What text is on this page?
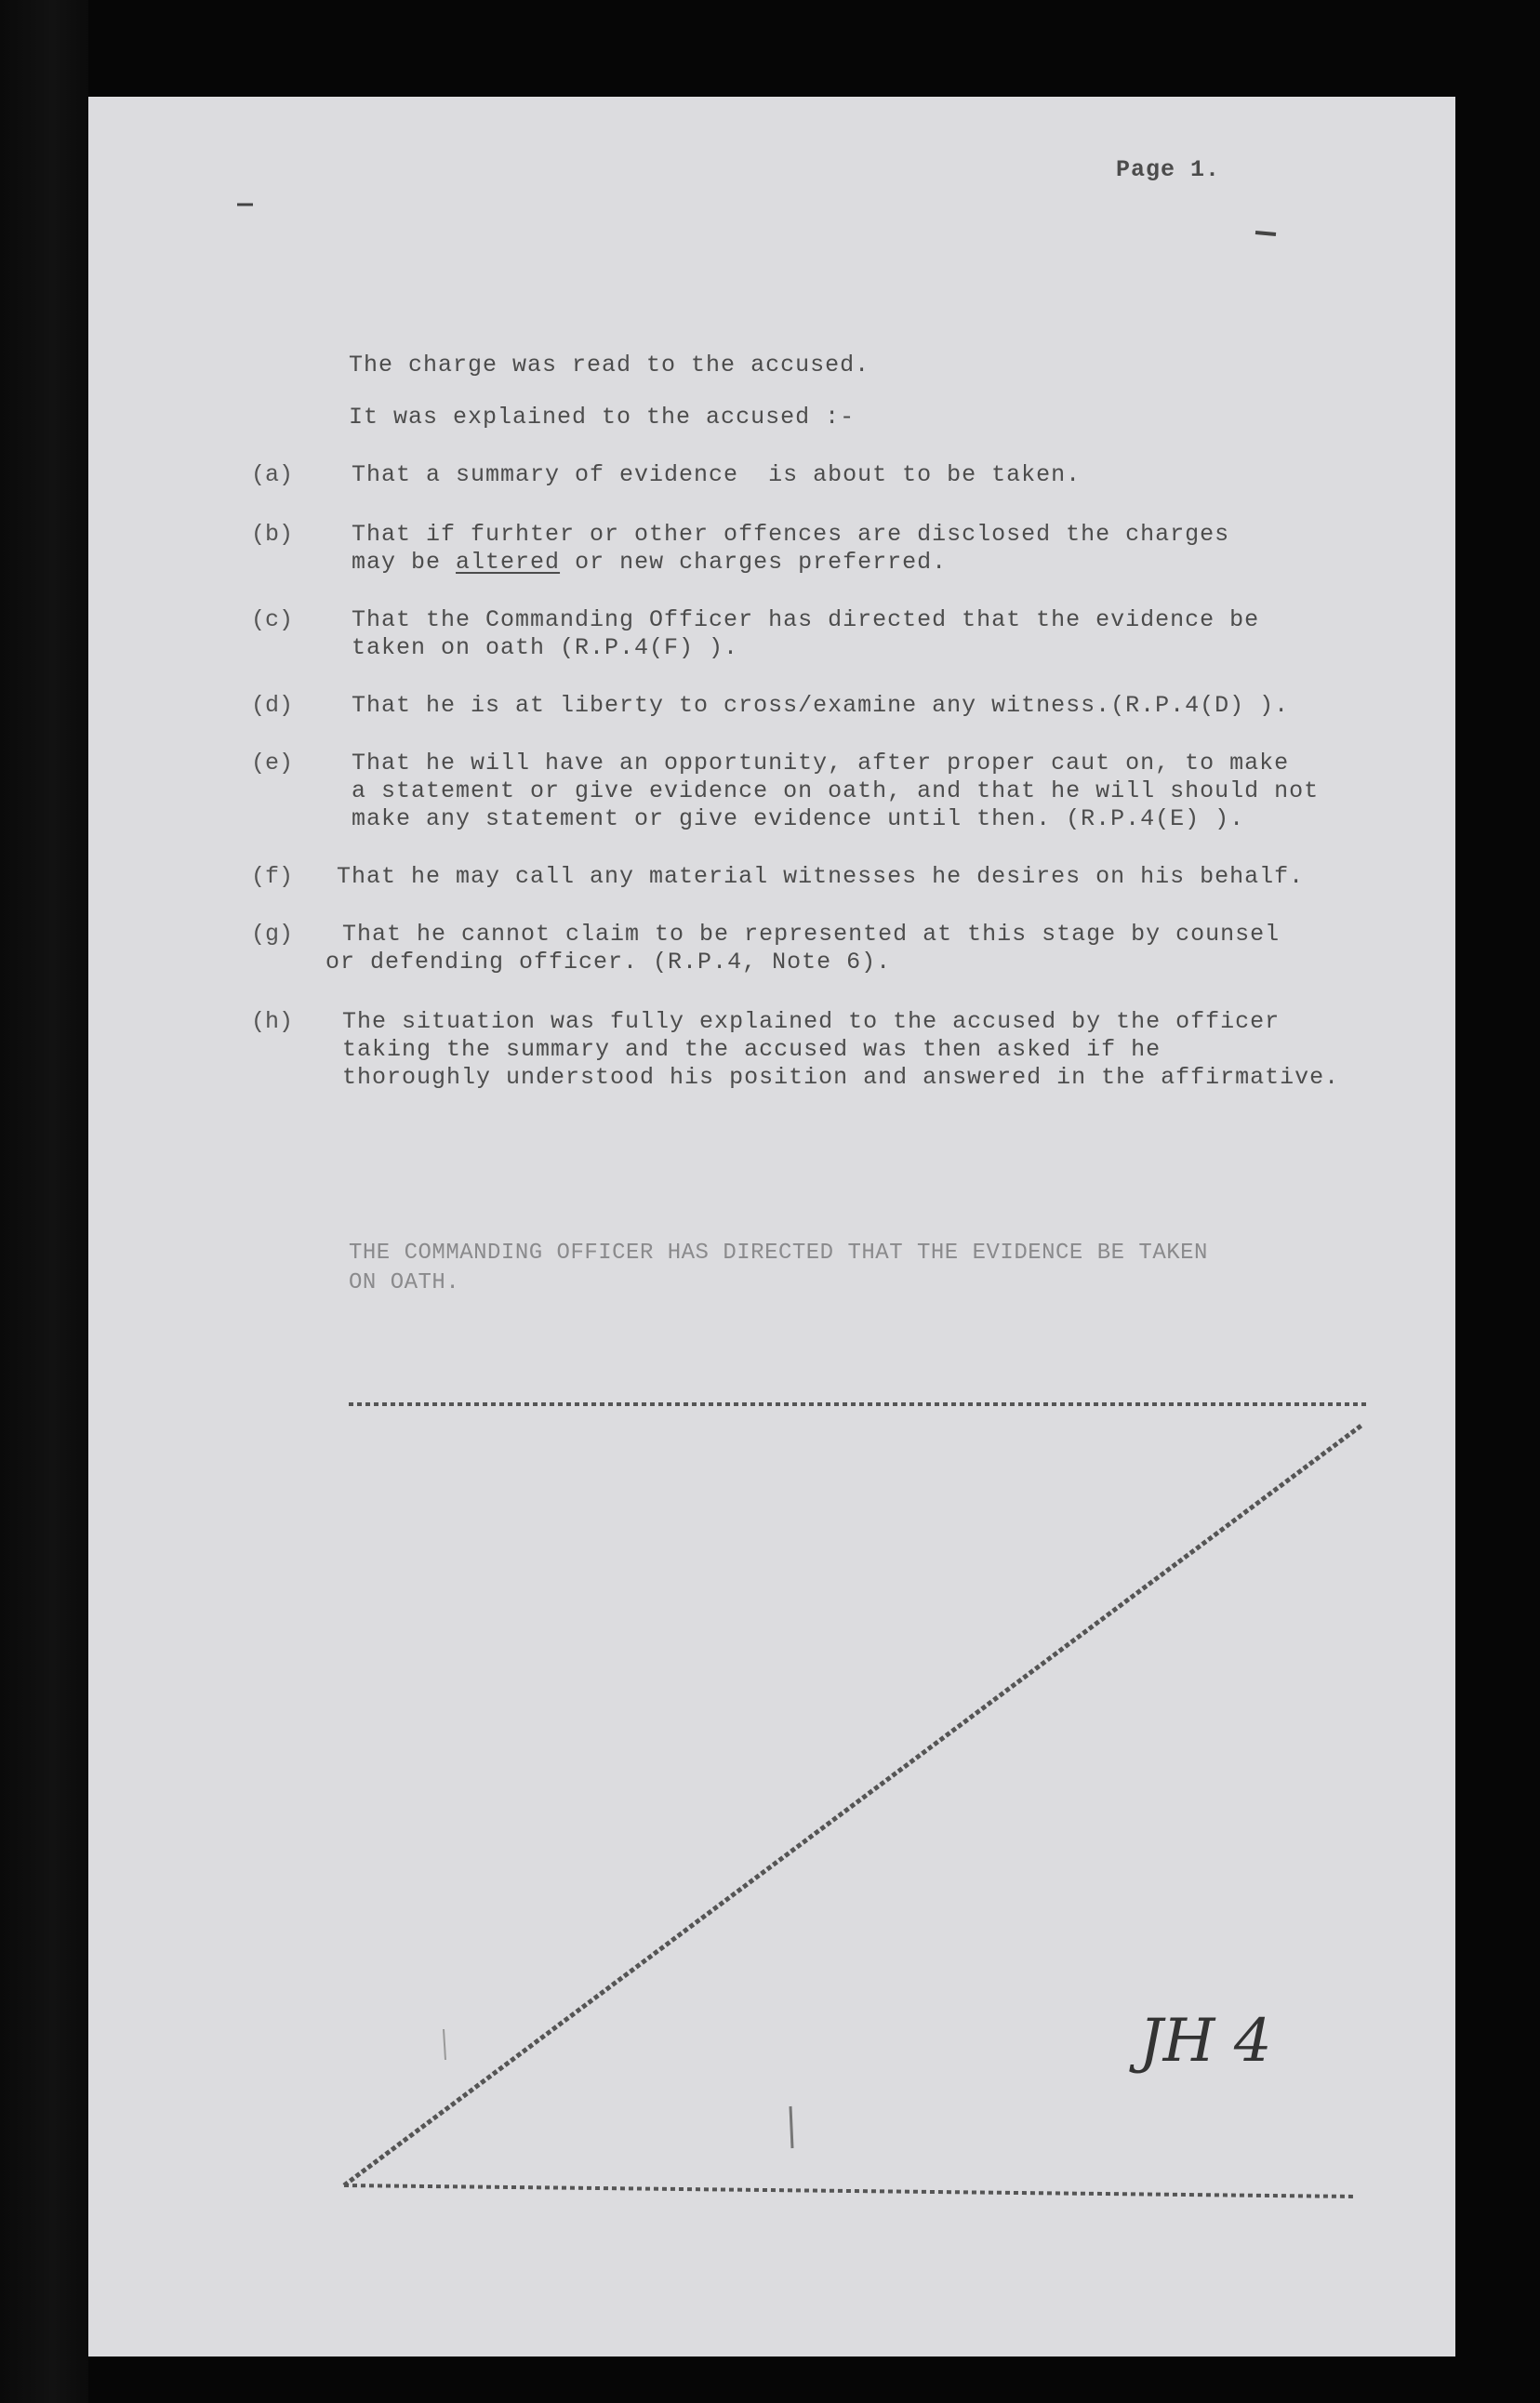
Page 1.
The charge was read to the accused.
It was explained to the accused :-
(a)	That a summary of evidence  is about to be taken.
(b)	That if furhter or other offences are disclosed the charges
may be altered or new charges preferred.
(c)	That the Commanding Officer has directed that the evidence be
taken on oath (R.P.4(F) ).
(d)	That he is at liberty to cross/examine any witness.(R.P.4(D) ).
(e)	That he will have an opportunity, after proper caut on, to make
a statement or give evidence on oath, and that he will should not
make any statement or give evidence until then. (R.P.4(E) ).
(f) That he may call any material witnesses he desires on his behalf.
(g) That he cannot claim to be represented at this stage by counsel
or defending officer. (R.P.4, Note 6).
(h) The situation was fully explained to the accused by the officer
taking the summary and the accused was then asked if he
thoroughly understood his position and answered in the affirmative.
THE COMMANDING OFFICER HAS DIRECTED THAT THE EVIDENCE BE TAKEN
ON OATH.
JH 4
